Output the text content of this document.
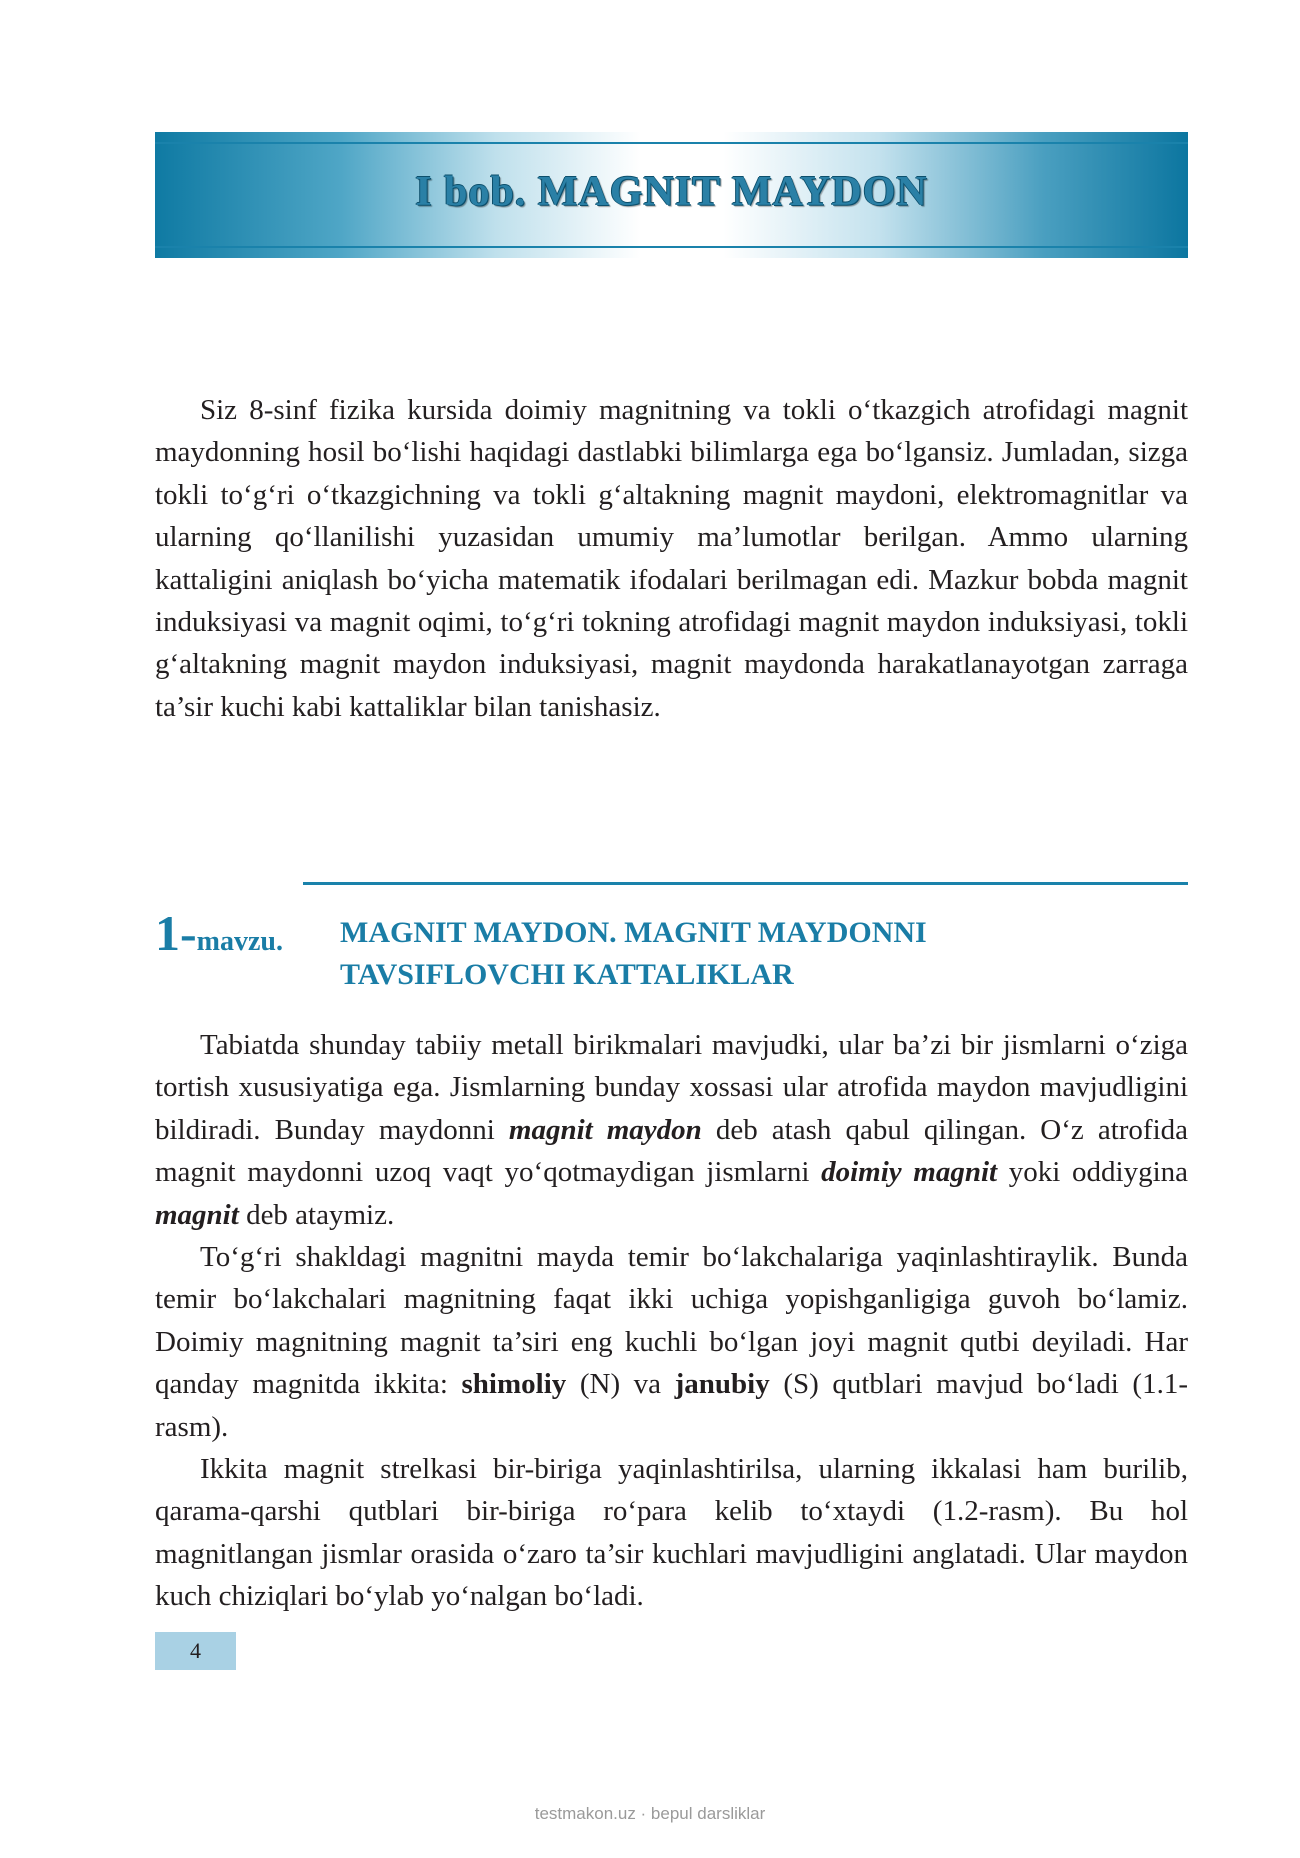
I bob. MAGNIT MAYDON

Siz 8-sinf fizika kursida doimiy magnitning va tokli o‘tkazgich atrofidagi magnit maydonning hosil bo‘lishi haqidagi dastlabki bilimlarga ega bo‘lgansiz. Jumladan, sizga tokli to‘g‘ri o‘tkazgichning va tokli g‘altakning magnit maydoni, elektromagnitlar va ularning qo‘llanilishi yuzasidan umumiy ma’lumotlar berilgan. Ammo ularning kattaligini aniqlash bo‘yicha matematik ifodalari berilmagan edi. Mazkur bobda magnit induksiyasi va magnit oqimi, to‘g‘ri tokning atrofidagi magnit maydon induksiyasi, tokli g‘altakning magnit maydon induksiyasi, magnit maydonda harakatlanayotgan zarraga ta’sir kuchi kabi kattaliklar bilan tanishasiz.

1-mavzu. MAGNIT MAYDON. MAGNIT MAYDONNI
TAVSIFLOVCHI KATTALIKLAR

Tabiatda shunday tabiiy metall birikmalari mavjudki, ular ba’zi bir jismlarni o‘ziga tortish xususiyatiga ega. Jismlarning bunday xossasi ular atrofida maydon mavjudligini bildiradi. Bunday maydonni magnit maydon deb atash qabul qilingan. O‘z atrofida magnit maydonni uzoq vaqt yo‘qotmaydigan jismlarni doimiy magnit yoki oddiygina magnit deb ataymiz.

To‘g‘ri shakldagi magnitni mayda temir bo‘lakchalariga yaqinlashtiraylik. Bunda temir bo‘lakchalari magnitning faqat ikki uchiga yopishganligiga guvoh bo‘lamiz. Doimiy magnitning magnit ta’siri eng kuchli bo‘lgan joyi magnit qutbi deyiladi. Har qanday magnitda ikkita: shimoliy (N) va janubiy (S) qutblari mavjud bo‘ladi (1.1-rasm).

Ikkita magnit strelkasi bir-biriga yaqinlashtirilsa, ularning ikkalasi ham burilib, qarama-qarshi qutblari bir-biriga ro‘para kelib to‘xtaydi (1.2-rasm). Bu hol magnitlangan jismlar orasida o‘zaro ta’sir kuchlari mavjudligini anglatadi. Ular maydon kuch chiziqlari bo‘ylab yo‘nalgan bo‘ladi.

4
testmakon.uz · bepul darsliklar
